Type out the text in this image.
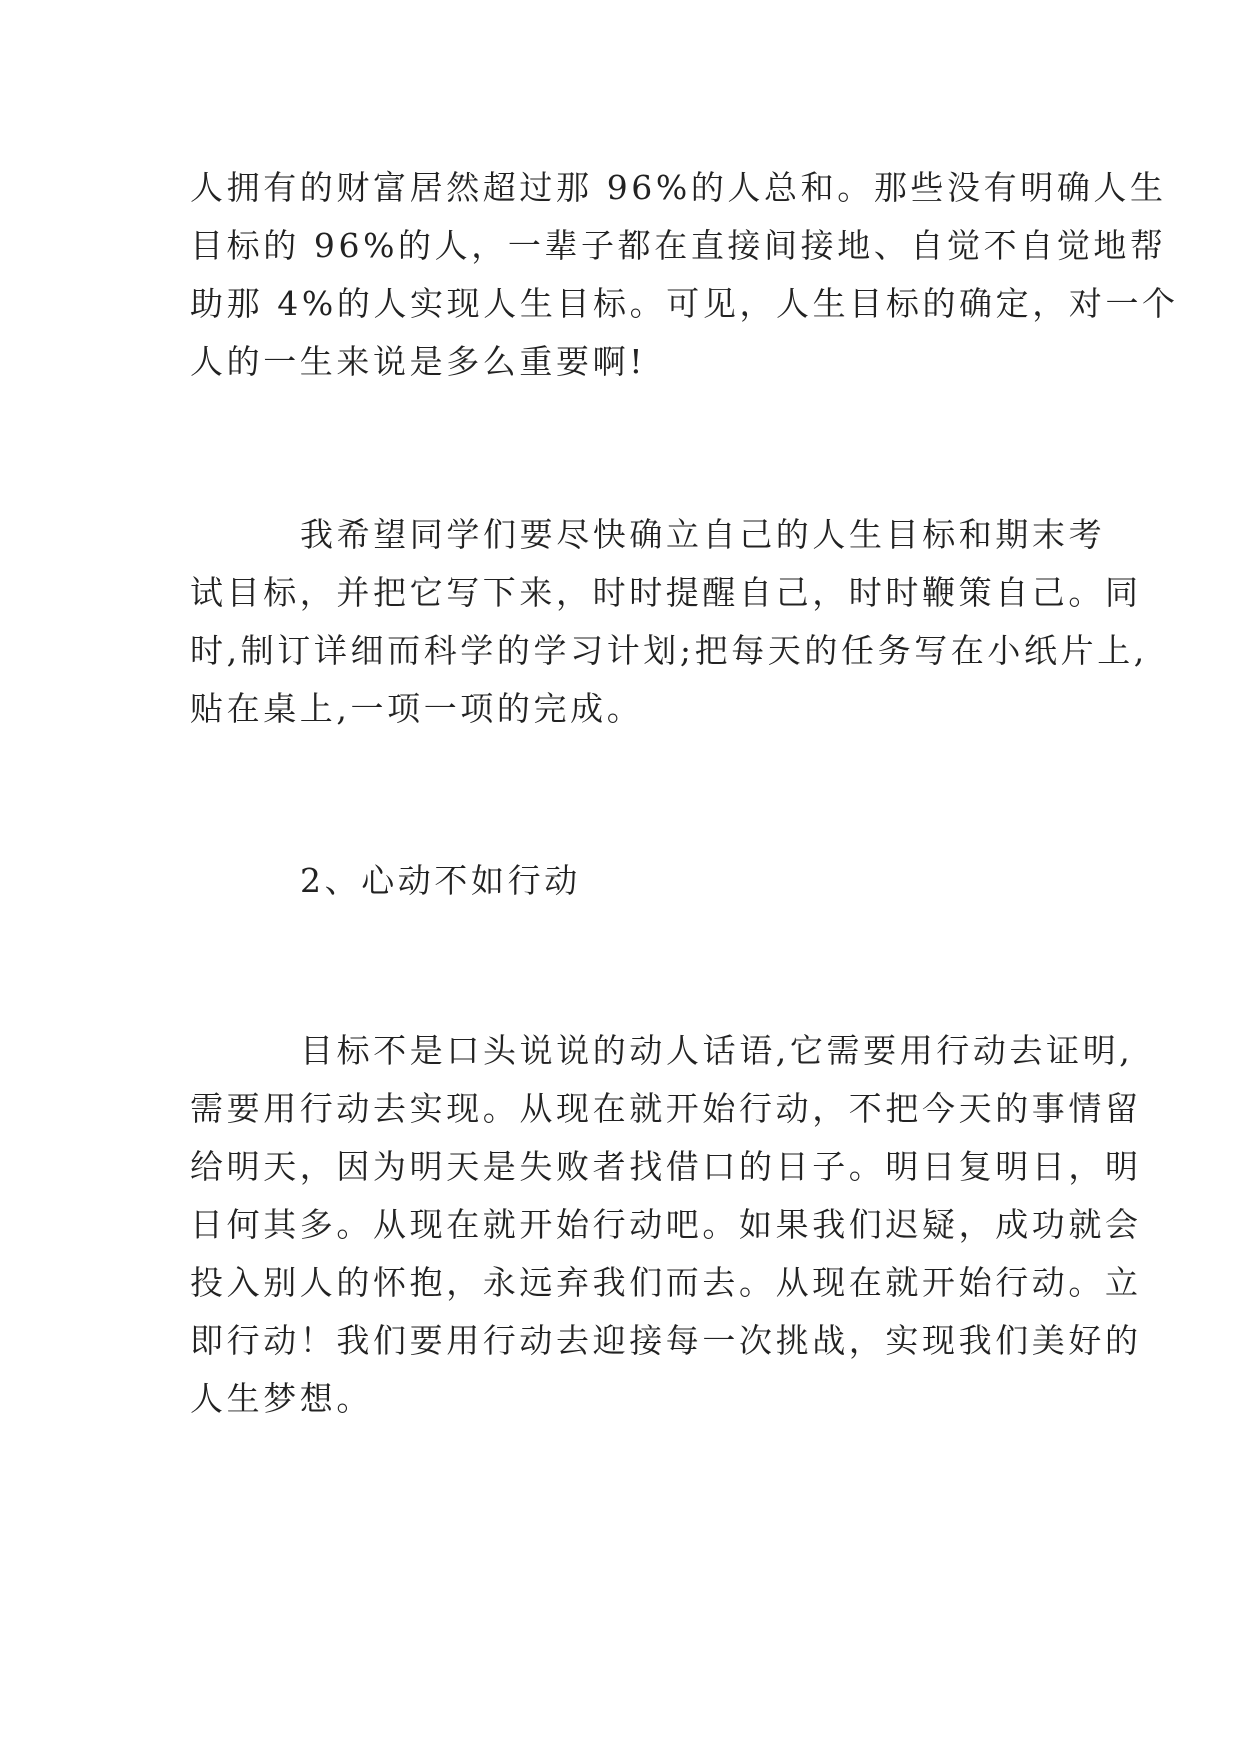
人拥有的财富居然超过那 96%的人总和。那些没有明确人生
目标的 96%的人，一辈子都在直接间接地、自觉不自觉地帮
助那 4%的人实现人生目标。可见，人生目标的确定，对一个
人的一生来说是多么重要啊!
我希望同学们要尽快确立自己的人生目标和期末考
试目标，并把它写下来，时时提醒自己，时时鞭策自己。同
时,制订详细而科学的学习计划;把每天的任务写在小纸片上,
贴在桌上,一项一项的完成。
2、心动不如行动
目标不是口头说说的动人话语,它需要用行动去证明,
需要用行动去实现。从现在就开始行动，不把今天的事情留
给明天，因为明天是失败者找借口的日子。明日复明日，明
日何其多。从现在就开始行动吧。如果我们迟疑，成功就会
投入别人的怀抱，永远弃我们而去。从现在就开始行动。立
即行动！我们要用行动去迎接每一次挑战，实现我们美好的
人生梦想。
